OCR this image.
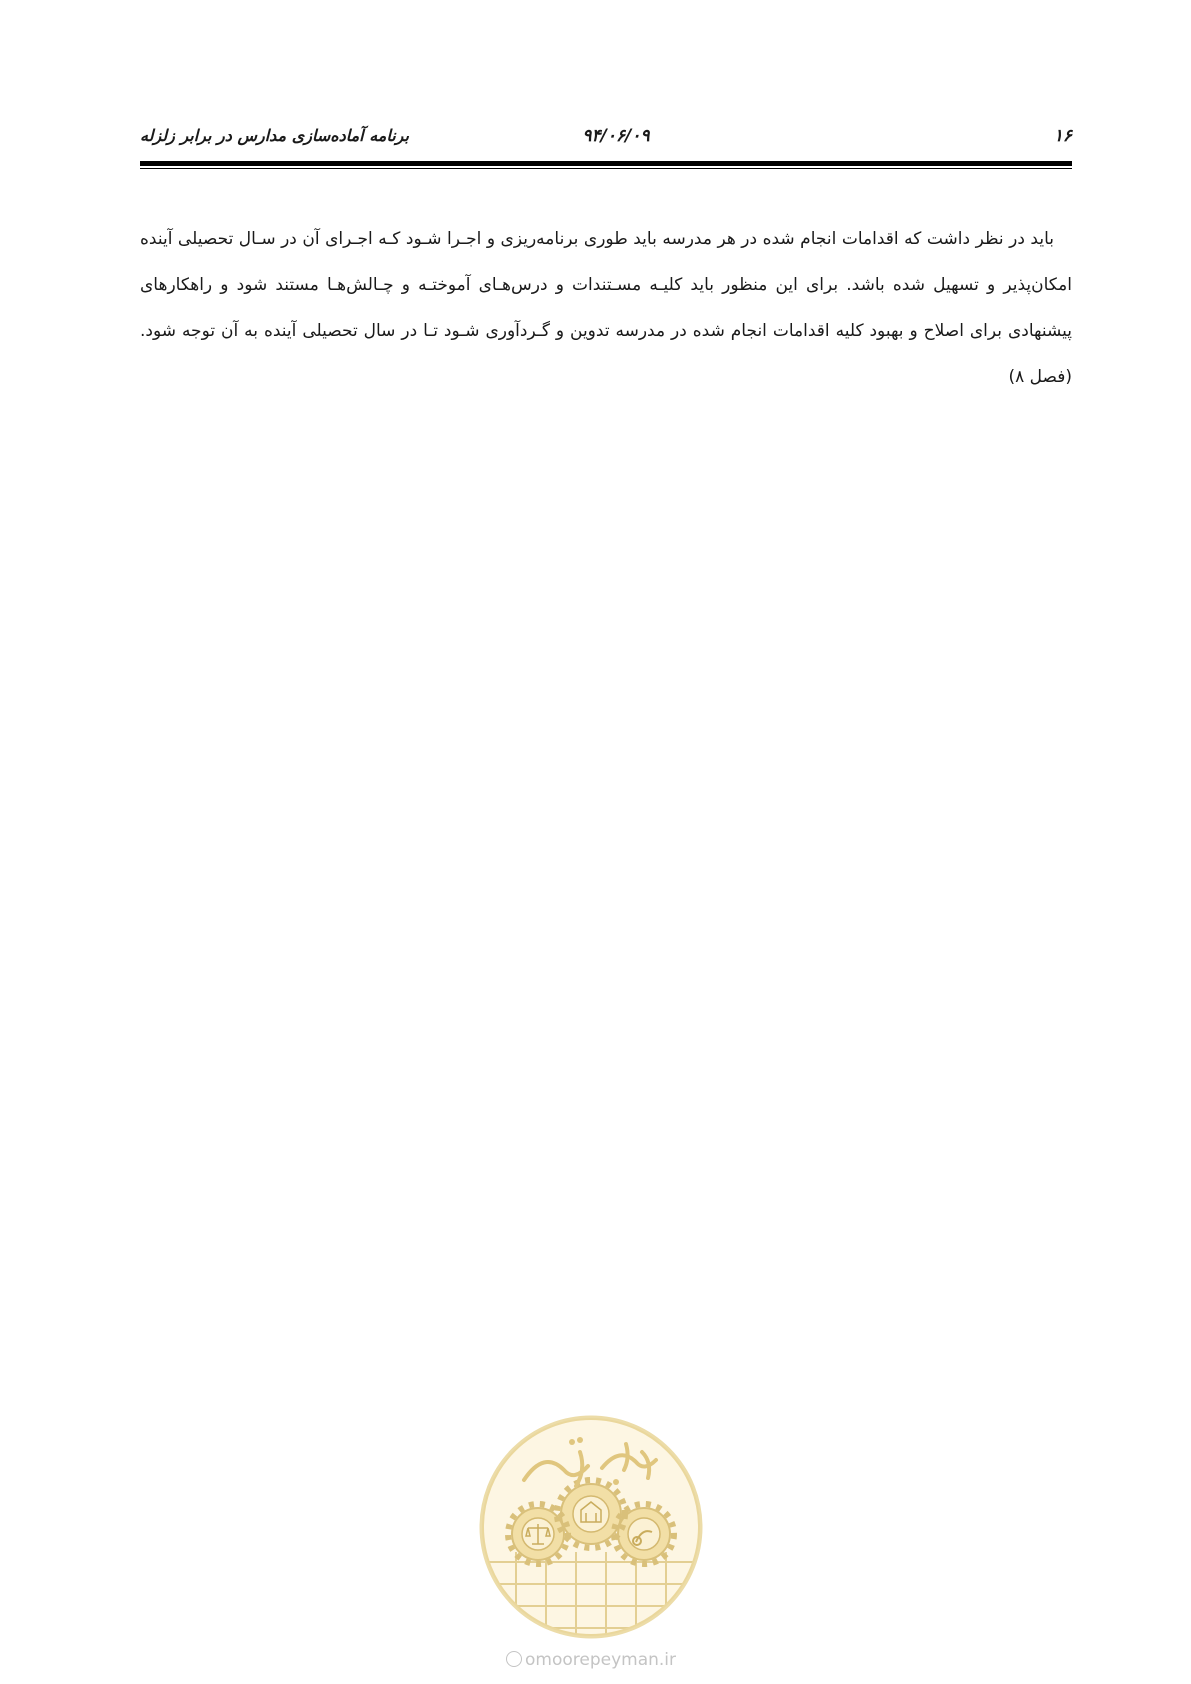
۱۶
۹۴/۰۶/۰۹
برنامه آماده‌سازی مدارس در برابر زلزله

باید در نظر داشت که اقدامات انجام شده در هر مدرسه باید طوری برنامه‌ریزی و اجـرا شـود کـه اجـرای آن در سـال تحصیلی آینده امکان‌پذیر و تسهیل شده باشد. برای این منظور باید کلیـه مسـتندات و درس‌هـای آموختـه و چـالش‌هـا مستند شود و راهکارهای پیشنهادی برای اصلاح و بهبود کلیه اقدامات انجام شده در مدرسه تدوین و گـردآوری شـود تـا در سال تحصیلی آینده به آن توجه شود. (فصل ۸)

omoorepeyman.ir
